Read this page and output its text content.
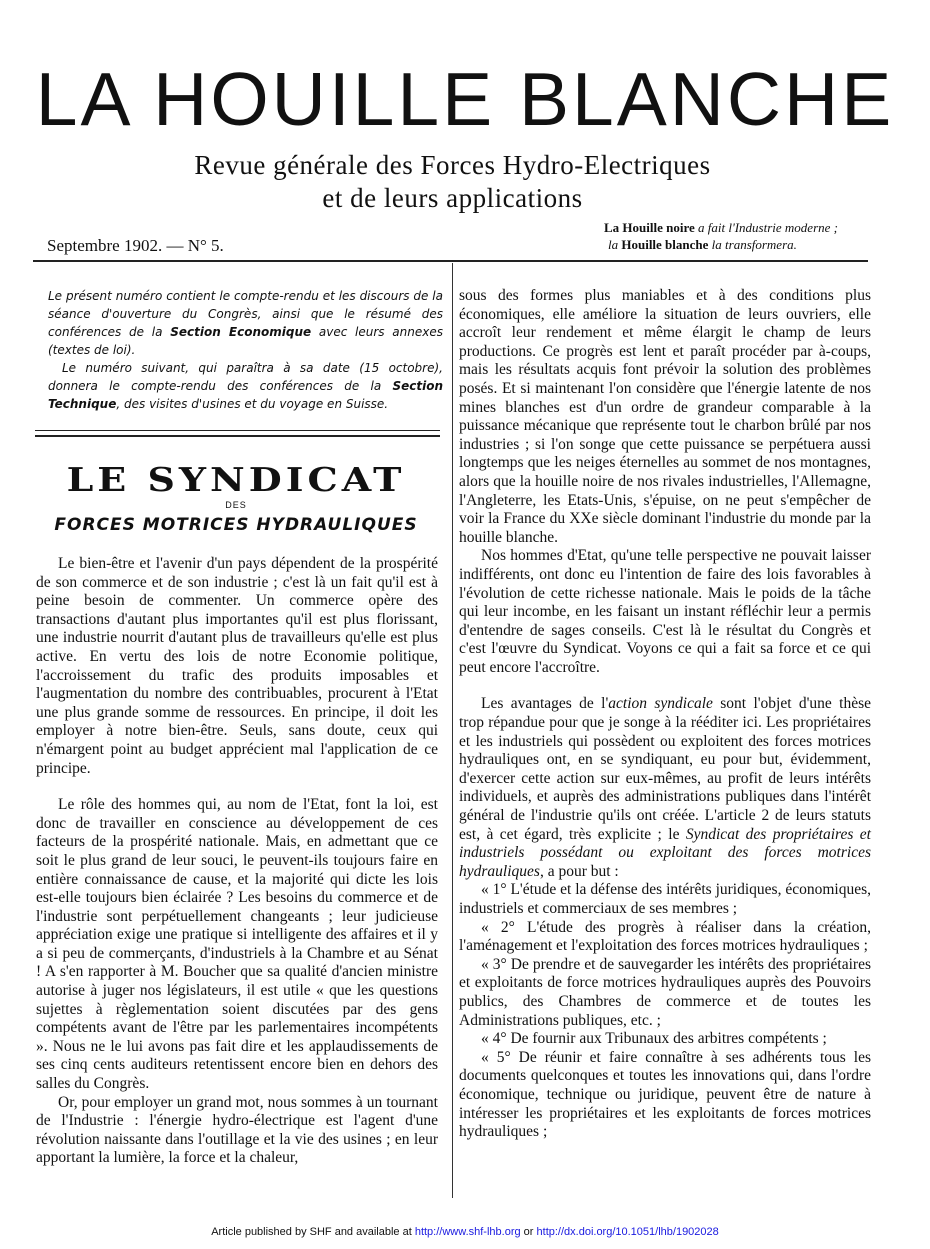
LA HOUILLE BLANCHE
Revue générale des Forces Hydro-Electriques
et de leurs applications
Septembre 1902. — N° 5.
La Houille noire a fait l'Industrie moderne ;
la Houille blanche la transformera.

Le présent numéro contient le compte-rendu et les discours de la séance d'ouverture du Congrès, ainsi que le résumé des conférences de la Section Economique avec leurs annexes (textes de loi).

Le numéro suivant, qui paraîtra à sa date (15 octobre), donnera le compte-rendu des conférences de la Section Technique, des visites d'usines et du voyage en Suisse.

LE SYNDICAT
DES
FORCES MOTRICES HYDRAULIQUES

Le bien-être et l'avenir d'un pays dépendent de la prospérité de son commerce et de son industrie ; c'est là un fait qu'il est à peine besoin de commenter. Un commerce opère des transactions d'autant plus importantes qu'il est plus florissant, une industrie nourrit d'autant plus de travailleurs qu'elle est plus active. En vertu des lois de notre Economie politique, l'accroissement du trafic des produits imposables et l'augmentation du nombre des contribuables, procurent à l'Etat une plus grande somme de ressources. En principe, il doit les employer à notre bien-être. Seuls, sans doute, ceux qui n'émargent point au budget apprécient mal l'application de ce principe.

Le rôle des hommes qui, au nom de l'Etat, font la loi, est donc de travailler en conscience au développement de ces facteurs de la prospérité nationale. Mais, en admettant que ce soit le plus grand de leur souci, le peuvent-ils toujours faire en entière connaissance de cause, et la majorité qui dicte les lois est-elle toujours bien éclairée ? Les besoins du commerce et de l'industrie sont perpétuellement changeants ; leur judicieuse appréciation exige une pratique si intelligente des affaires et il y a si peu de commerçants, d'industriels à la Chambre et au Sénat ! A s'en rapporter à M. Boucher que sa qualité d'ancien ministre autorise à juger nos législateurs, il est utile « que les questions sujettes à règlementation soient discutées par des gens compétents avant de l'être par les parlementaires incompétents ». Nous ne le lui avons pas fait dire et les applaudissements de ses cinq cents auditeurs retentissent encore bien en dehors des salles du Congrès.

Or, pour employer un grand mot, nous sommes à un tournant de l'Industrie : l'énergie hydro-électrique est l'agent d'une révolution naissante dans l'outillage et la vie des usines ; en leur apportant la lumière, la force et la chaleur,

sous des formes plus maniables et à des conditions plus économiques, elle améliore la situation de leurs ouvriers, elle accroît leur rendement et même élargit le champ de leurs productions. Ce progrès est lent et paraît procéder par à-coups, mais les résultats acquis font prévoir la solution des problèmes posés. Et si maintenant l'on considère que l'énergie latente de nos mines blanches est d'un ordre de grandeur comparable à la puissance mécanique que représente tout le charbon brûlé par nos industries ; si l'on songe que cette puissance se perpétuera aussi longtemps que les neiges éternelles au sommet de nos montagnes, alors que la houille noire de nos rivales industrielles, l'Allemagne, l'Angleterre, les Etats-Unis, s'épuise, on ne peut s'empêcher de voir la France du XXe siècle dominant l'industrie du monde par la houille blanche.

Nos hommes d'Etat, qu'une telle perspective ne pouvait laisser indifférents, ont donc eu l'intention de faire des lois favorables à l'évolution de cette richesse nationale. Mais le poids de la tâche qui leur incombe, en les faisant un instant réfléchir leur a permis d'entendre de sages conseils. C'est là le résultat du Congrès et c'est l'œuvre du Syndicat. Voyons ce qui a fait sa force et ce qui peut encore l'accroître.

Les avantages de l'action syndicale sont l'objet d'une thèse trop répandue pour que je songe à la rééditer ici. Les propriétaires et les industriels qui possèdent ou exploitent des forces motrices hydrauliques ont, en se syndiquant, eu pour but, évidemment, d'exercer cette action sur eux-mêmes, au profit de leurs intérêts individuels, et auprès des administrations publiques dans l'intérêt général de l'industrie qu'ils ont créée. L'article 2 de leurs statuts est, à cet égard, très explicite ; le Syndicat des propriétaires et industriels possédant ou exploitant des forces motrices hydrauliques, a pour but :

« 1° L'étude et la défense des intérêts juridiques, économiques, industriels et commerciaux de ses membres ;

« 2° L'étude des progrès à réaliser dans la création, l'aménagement et l'exploitation des forces motrices hydrauliques ;

« 3° De prendre et de sauvegarder les intérêts des propriétaires et exploitants de force motrices hydrauliques auprès des Pouvoirs publics, des Chambres de commerce et de toutes les Administrations publiques, etc. ;

« 4° De fournir aux Tribunaux des arbitres compétents ;

« 5° De réunir et faire connaître à ses adhérents tous les documents quelconques et toutes les innovations qui, dans l'ordre économique, technique ou juridique, peuvent être de nature à intéresser les propriétaires et les exploitants de forces motrices hydrauliques ;

Article published by SHF and available at http://www.shf-lhb.org or http://dx.doi.org/10.1051/lhb/1902028
